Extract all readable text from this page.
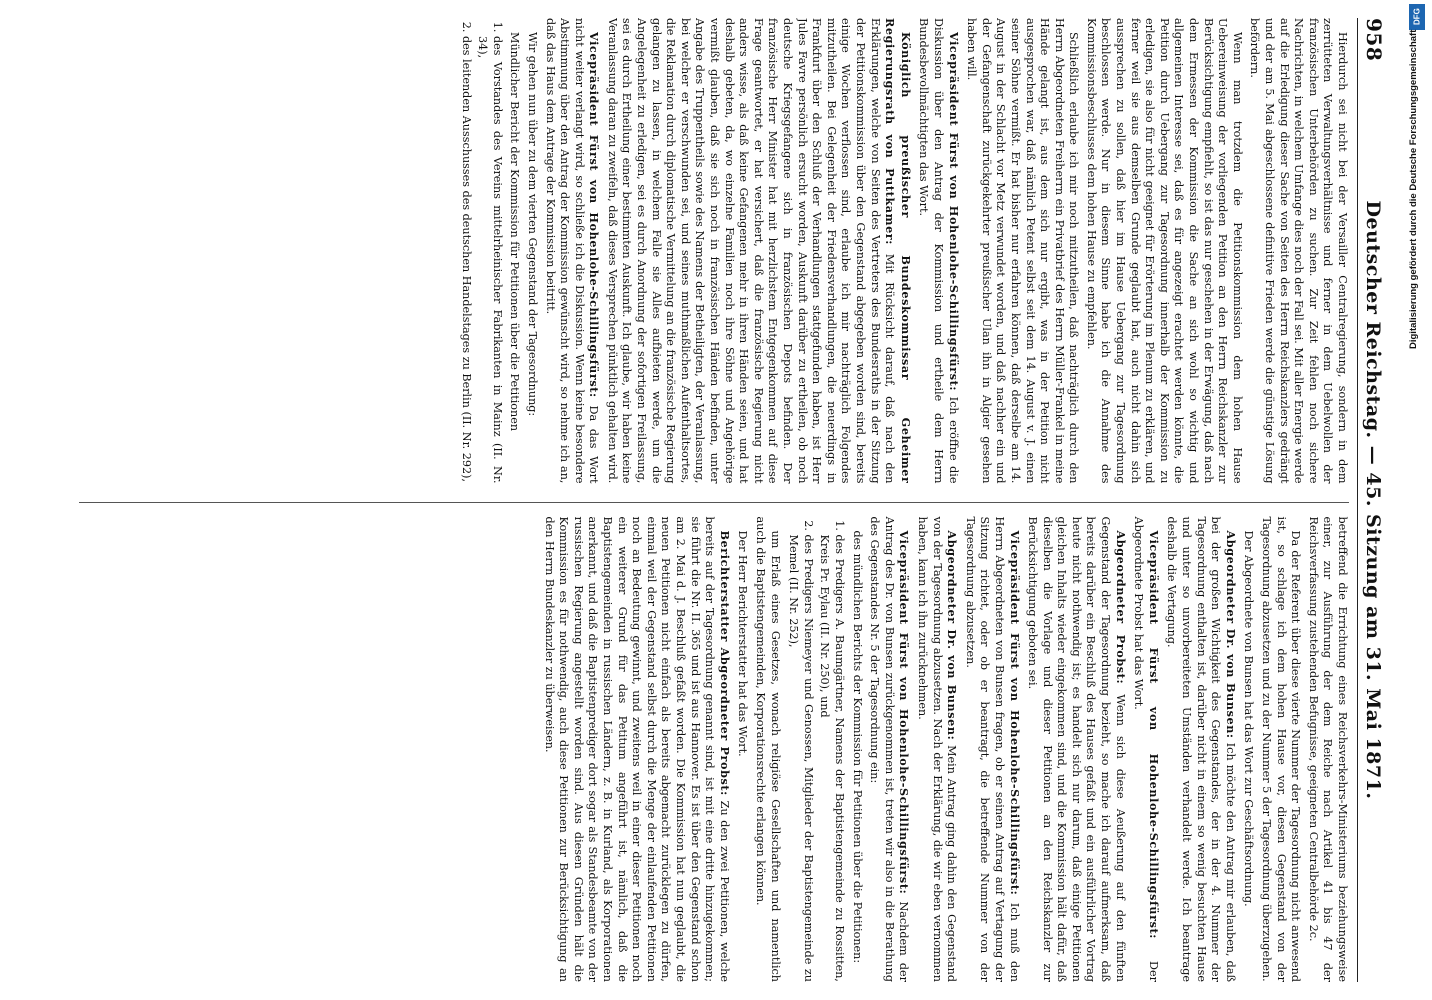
958
Deutscher Reichstag. — 45. Sitzung am 31. Mai 1871.

Hierdurch sei nicht bei der Versailler Centralregierung, sondern in dem zerrütteten Verwaltungsverhältnisse und ferner in dem Uebelwollen der französischen Unterbehörden zu suchen. Zur Zeit fehlen noch sichere Nachrichten, in welchem Umfange dies noch der Fall sei. Mit aller Energie werde auf die Erledigung dieser Sache von Seiten des Herrn Reichskanzlers gedrängt und der am 5. Mai abgeschlossene definitive Frieden werde die günstige Lösung befördern.

Wenn man trotzdem die Petitionskommission dem hohen Hause Uebereinweisung der vorliegenden Petition an den Herrn Reichskanzler zur Berücksichtigung empfiehlt, so ist das nur geschehen in der Erwägung, daß nach dem Ermessen der Kommission die Sache an sich wohl so wichtig und allgemeinen Interesse sei, daß es für angezeigt erachtet werden könnte, die Petition durch Uebergang zur Tagesordnung innerhalb der Kommission zu erledigen, sie also für nicht geeignet für Erörterung im Plenum zu erklären, und ferner weil sie aus demselben Grunde geglaubt hat, auch nicht dahin sich aussprechen zu sollen, daß hier im Hause Uebergang zur Tagesordnung beschlossen werde. Nur in diesem Sinne habe ich die Annahme des Kommissionsbeschlusses dem hohen Hause zu empfehlen.

Schließlich erlaube ich mir noch mitzutheilen, daß nachträglich durch den Herrn Abgeordneten Freiherrn ein Privatbrief des Herrn Müller-Frankel in meine Hände gelangt ist, aus dem sich nur ergibt, was in der Petition nicht ausgesprochen war, daß nämlich Petent selbst seit dem 14. August v. J. einen seiner Söhne vermißt. Er hat bisher nur erfahren können, daß derselbe am 14. August in der Schlacht vor Metz verwundet worden, und daß nachher ein und der Gefangenschaft zurückgekehrter preußischer Ulan ihn in Algier gesehen haben will.

Vicepräsident Fürst von Hohenlohe-Schillingsfürst: Ich eröffne die Diskussion über den Antrag der Kommission und ertheile dem Herrn Bundesbevollmächtigten das Wort.

Königlich preußischer Bundeskommissar Geheimer Regierungsrath von Puttkamer: Mit Rücksicht darauf, daß nach den Erklärungen, welche von Seiten des Vertreters des Bundesraths in der Sitzung der Petitionskommission über den Gegenstand abgegeben worden sind, bereits einige Wochen verflossen sind, erlaube ich mir nachträglich Folgendes mitzutheilen. Bei Gelegenheit der Friedensverhandlungen, die neuerdings in Frankfurt über den Schluß der Verhandlungen stattgefunden haben, ist Herr Jules Favre persönlich ersucht worden, Auskunft darüber zu ertheilen, ob noch deutsche Kriegsgefangene sich in französischen Depots befinden. Der französische Herr Minister hat mit herzlichstem Entgegenkommen auf diese Frage geantwortet, er hat versichert, daß die französische Regierung nicht anders wisse, als daß keine Gefangenen mehr in ihren Händen seien, und hat deshalb gebeten, da, wo einzelne Familien noch ihre Söhne und Angehörige vermißt glauben, daß sie sich noch in französischen Händen befinden, unter Angabe des Truppentheils sowie des Namens der Betheiligten, der Veranlassung, bei welcher er verschwunden sei, und seines muthmaßlichen Aufenthaltsortes, die Reklamation durch diplomatische Vermittelung an die französische Regierung gelangen zu lassen, in welchem Falle sie Alles aufbieten werde, um die Angelegenheit zu erledigen, sei es durch Anordnung der sofortigen Freilassung, sei es durch Ertheilung einer bestimmten Auskunft. Ich glaube, wir haben keine Veranlassung daran zu zweifeln, daß dieses Versprechen pünktlich gehalten wird.

Vicepräsident Fürst von Hohenlohe-Schillingsfürst: Da das Wort nicht weiter verlangt wird, so schließe ich die Diskussion. Wenn keine besondere Abstimmung über den Antrag der Kommission gewünscht wird, so nehme ich an, daß das Haus dem Antrage der Kommission beitritt.

Wir gehen nun über zu dem vierten Gegenstand der Tagesordnung:

Mündlicher Bericht der Kommission für Petitionen über die Petitionen

1. des Vorstandes des Vereins mittelrheinischer Fabrikanten in Mainz (II. Nr. 34),
2. des leitenden Ausschusses des deutschen Handelstages zu Berlin (II. Nr. 292),

betreffend die Errichtung eines Reichsverkehrs-Ministeriums beziehungsweise einer, zur Ausführung der dem Reiche nach Artikel 41 bis 47 der Reichsverfassung zustehenden Befugnisse, geeigneten Centralbehörde 2c.

Da der Referent über diese vierte Nummer der Tagesordnung nicht anwesend ist, so schlage ich dem hohen Hause vor, diesen Gegenstand von der Tagesordnung abzusetzen und zu der Nummer 5 der Tagesordnung überzugehen.

Der Abgeordnete von Bunsen hat das Wort zur Geschäftsordnung.

Abgeordneter Dr. von Bunsen: Ich möchte den Antrag mir erlauben, daß bei der großen Wichtigkeit des Gegenstandes, der in der 4. Nummer der Tagesordnung enthalten ist, darüber nicht in einem so wenig besuchten Hause und unter so unvorbereiteten Umständen verhandelt werde. Ich beantrage deshalb die Vertagung.

Vicepräsident Fürst von Hohenlohe-Schillingsfürst: Der Abgeordnete Probst hat das Wort.

Abgeordneter Probst: Wenn sich diese Aeußerung auf den fünften Gegenstand der Tagesordnung bezieht, so mache ich darauf aufmerksam, daß bereits darüber ein Beschluß des Hauses gefaßt und ein ausführlicher Vortrag heute nicht nothwendig ist; es handelt sich nur darum, daß einige Petitionen gleichen Inhalts wieder eingekommen sind, und die Kommission hält dafür, daß dieselben die Vorlage und dieser Petitionen an den Reichskanzler zur Berücksichtigung geboten sei.

Vicepräsident Fürst von Hohenlohe-Schillingsfürst: Ich muß den Herrn Abgeordneten von Bunsen fragen, ob er seinen Antrag auf Vertagung der Sitzung richtet, oder ob er beantragt, die betreffende Nummer von der Tagesordnung abzusetzen.

Abgeordneter Dr. von Bunsen: Mein Antrag ging dahin den Gegenstand von der Tagesordnung abzusetzen. Nach der Erklärung, die wir eben vernommen haben, kann ich ihn zurücknehmen.

Vicepräsident Fürst von Hohenlohe-Schillingsfürst: Nachdem der Antrag des Dr. von Bunsen zurückgenommen ist, treten wir also in die Berathung des Gegenstandes Nr. 5 der Tagesordnung ein:

des mündlichen Berichts der Kommission für Petitionen über die Petitionen:

1. des Predigers A. Baumgärtner, Namens der Baptistengemeinde zu Rossitten, Kreis Pr. Eylau (II. Nr. 250), und
2. des Predigers Niemeyer und Genossen, Mitglieder der Baptistengemeinde zu Memel (II. Nr. 252),

um Erlaß eines Gesetzes, wonach religiöse Gesellschaften und namentlich auch die Baptistengemeinden, Korporationsrechte erlangen können.

Der Herr Berichterstatter hat das Wort.

Berichterstatter Abgeordneter Probst: Zu den zwei Petitionen, welche bereits auf der Tagesordnung genannt sind, ist mit eine dritte hinzugekommen; sie führt die Nr. II. 365 und ist aus Hannover. Es ist über den Gegenstand schon am 2. Mai d. J. Beschluß gefaßt worden. Die Kommission hat nun geglaubt, die neuen Petitionen nicht einfach als bereits abgemacht zurücklegen zu dürfen, einmal weil der Gegenstand selbst durch die Menge der einlaufenden Petitionen noch an Bedeutung gewinnt, und zweitens weil in einer dieser Petitionen noch ein weiterer Grund für das Petitum angeführt ist, nämlich, daß die Baptistengemeinden in russischen Ländern, z. B. in Kurland, als Korporationen anerkannt, und daß die Baptistenprediger dort sogar als Standesbeamte von der russischen Regierung angestellt worden sind. Aus diesen Gründen hält die Kommission es für nothwendig, auch diese Petitionen zur Berücksichtigung an den Herrn Bundeskanzler zu überweisen.

DFG
Digitalisierung gefördert durch die Deutsche Forschungsgemeinschaft
